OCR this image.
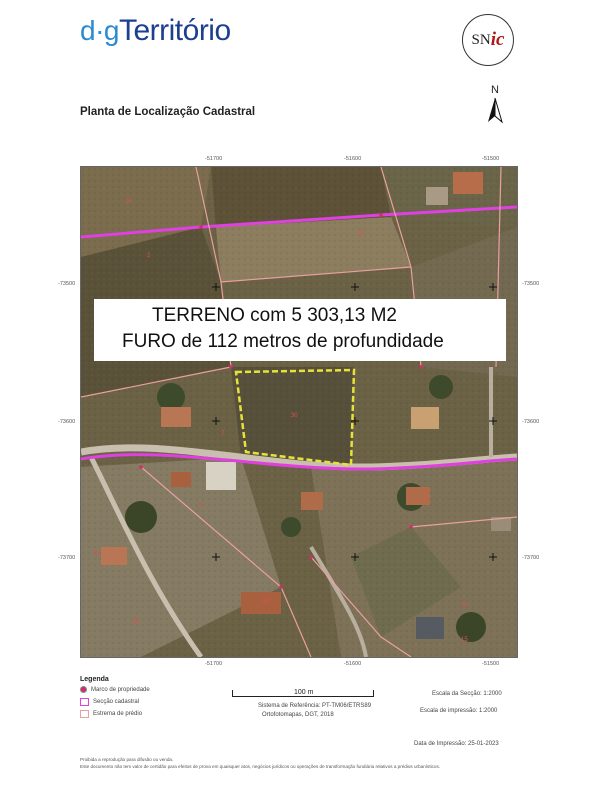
d·gTerritório	SN ic
Planta de Localização Cadastral
N
-51700	-51600	-51500
-51700	-51600	-51500
-73500
-73600
-73700
-73500
-73600
-73700
18
2
13
30
6
7
44
65
83
15
70
TERRENO com 5 303,13 M2
FURO de 112 metros de profundidade
Legenda
Marco de propriedade
Secção cadastral
Estrema de prédio
100 m
Sistema de Referência: PT-TM06/ETRS89
Ortofotomapas, DGT, 2018
Escala da Secção: 1:2000
Escala de impressão: 1:2000
Data de Impressão: 25-01-2023
Proibida a reprodução para difusão ou venda.
Este documento não tem valor de certidão para efeitos de prova em quaisquer atos, negócios jurídicos ou operações de transformação fundiária relativos a prédios urbanísticos.
